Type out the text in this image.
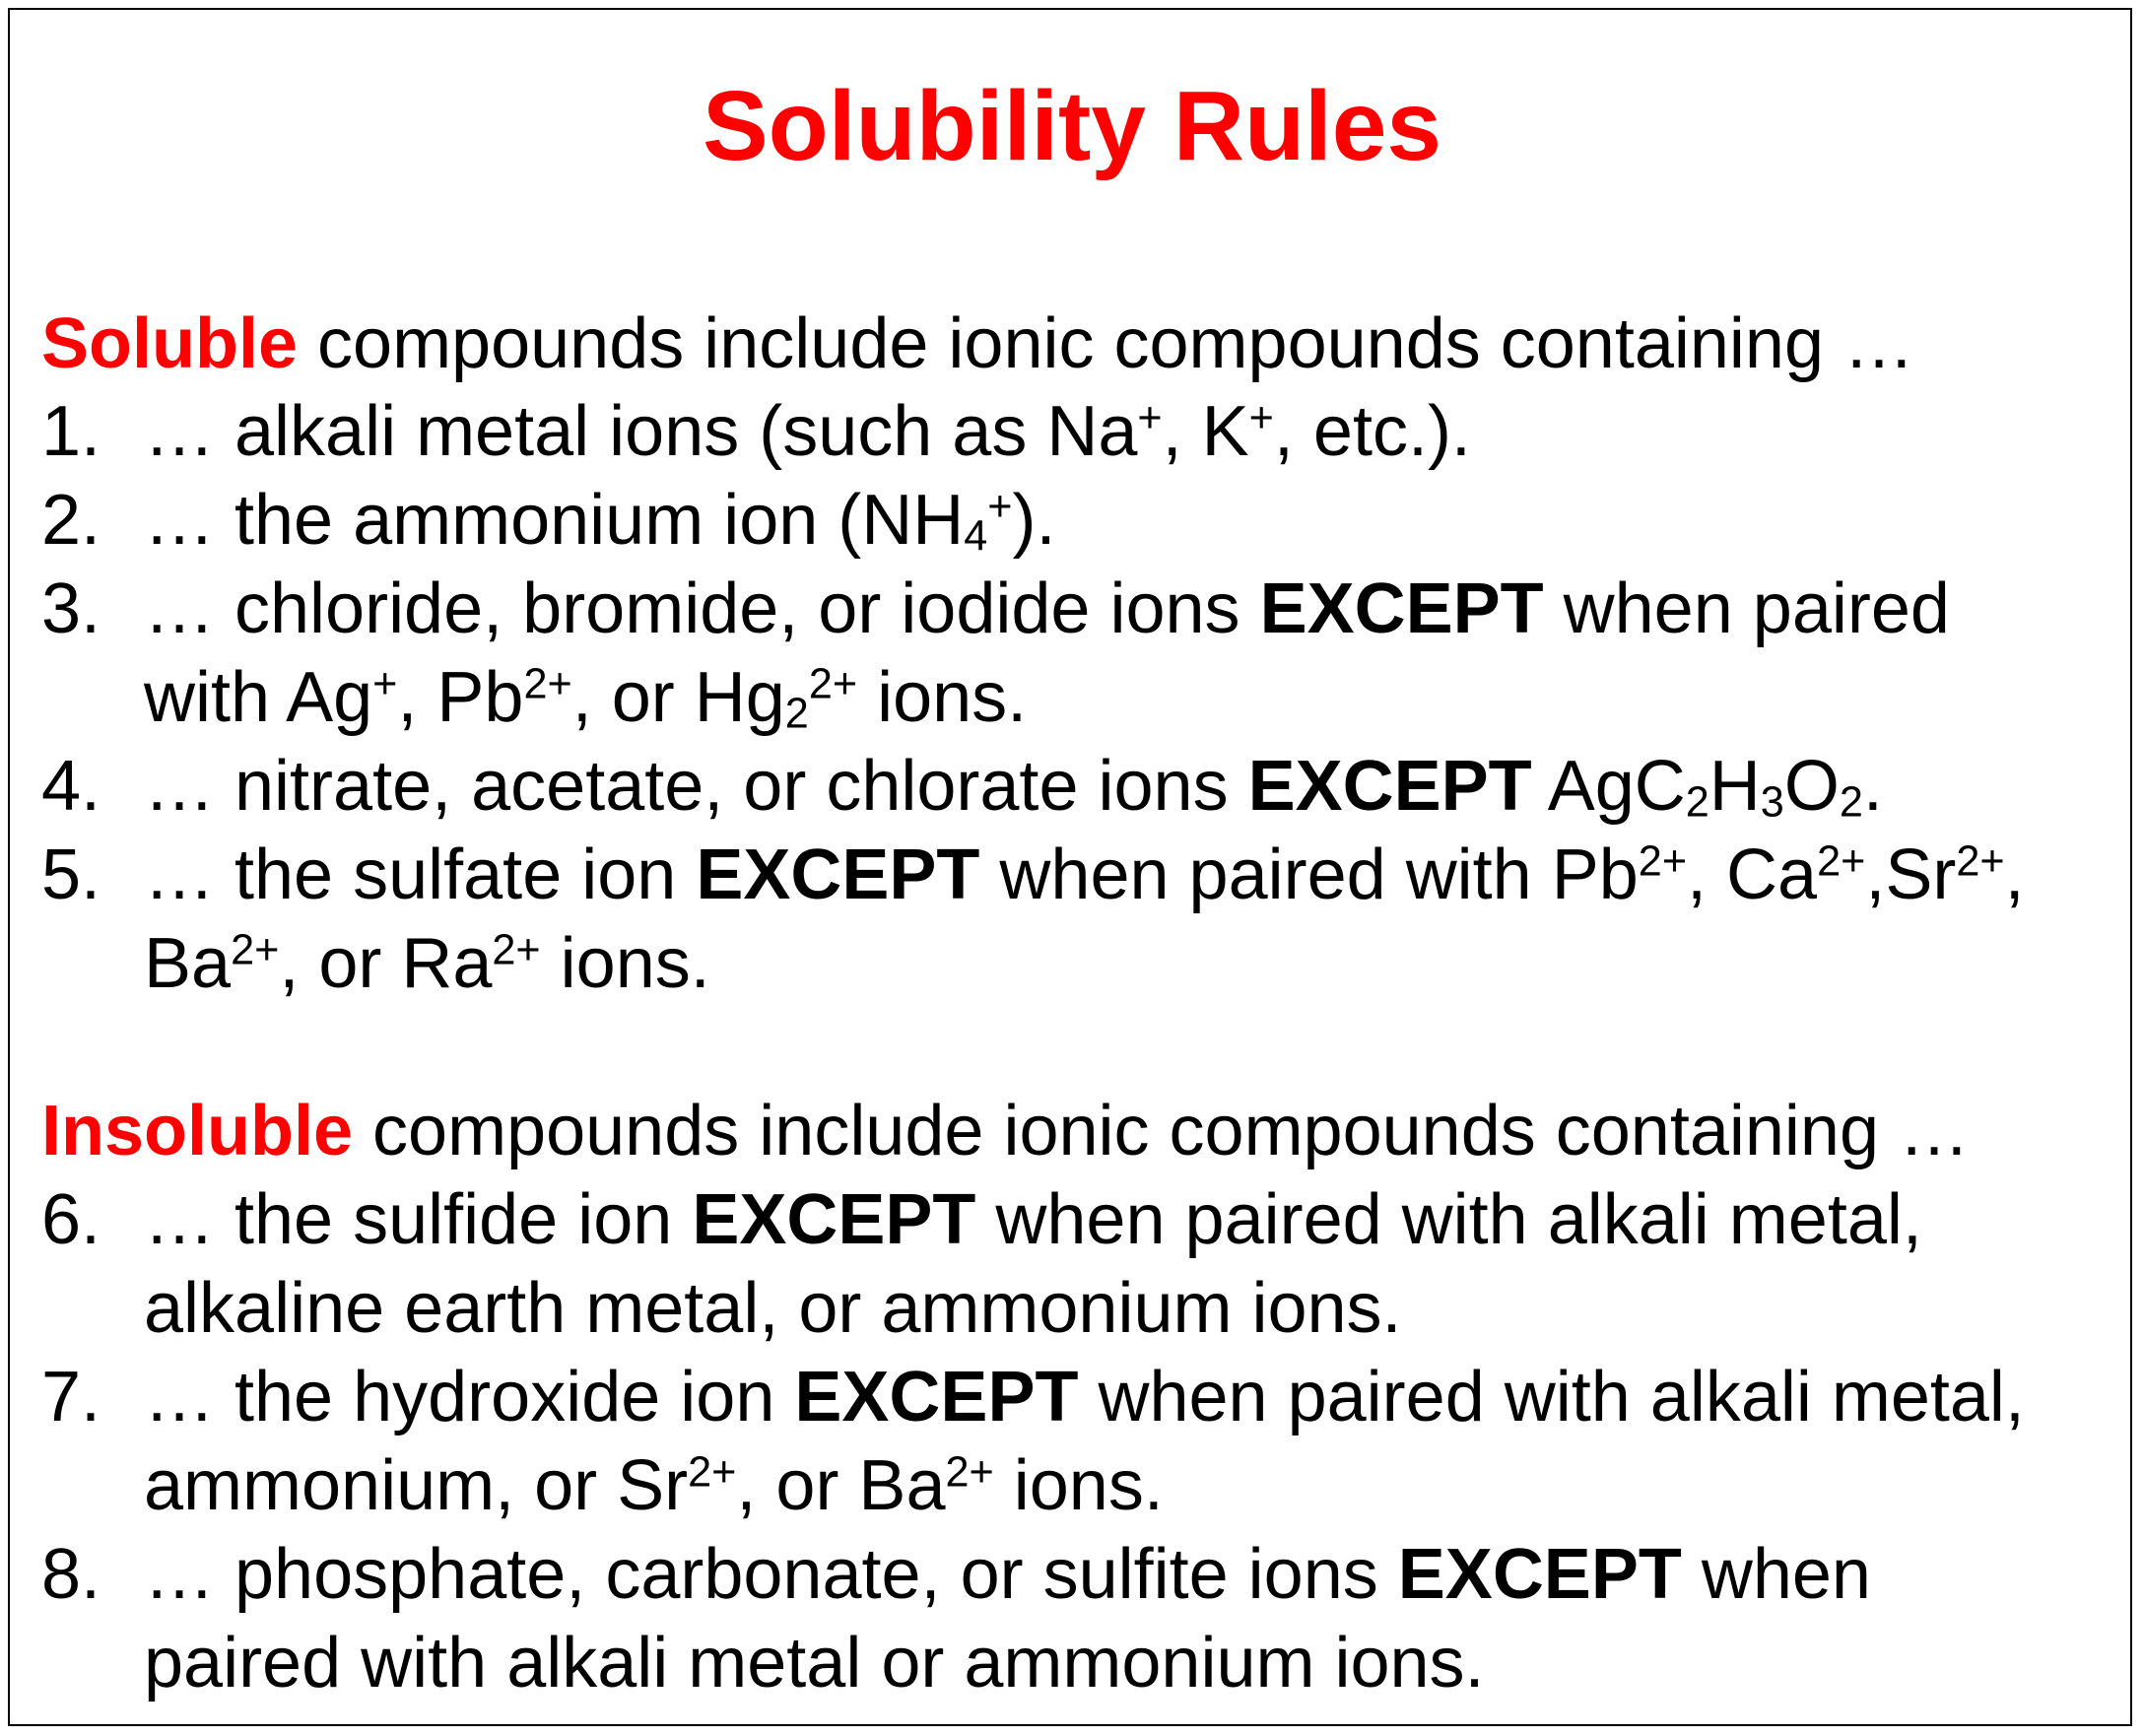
Solubility Rules
Soluble compounds include ionic compounds containing …
1. … alkali metal ions (such as Na+, K+, etc.).
2. … the ammonium ion (NH4+).
3. … chloride, bromide, or iodide ions EXCEPT when paired
with Ag+, $Pb^{2+}$, or $Hg2^{2+}$ ions.
4. … nitrate, acetate, or chlorate ions EXCEPT AgC2H3O2.
5. … the sulfate ion EXCEPT when paired with $Pb^{2+}$, $Ca^{2+},Sr^{2+}$,
$Ba^{2+}$, or $Ra^{2+}$ ions.
Insoluble compounds include ionic compounds containing …
6. … the sulfide ion EXCEPT when paired with alkali metal,
alkaline earth metal, or ammonium ions.
7. … the hydroxide ion EXCEPT when paired with alkali metal,
ammonium, or $Sr^{2+}$, or $Ba^{2+}$ ions.
8. … phosphate, carbonate, or sulfite ions EXCEPT when
paired with alkali metal or ammonium ions.
